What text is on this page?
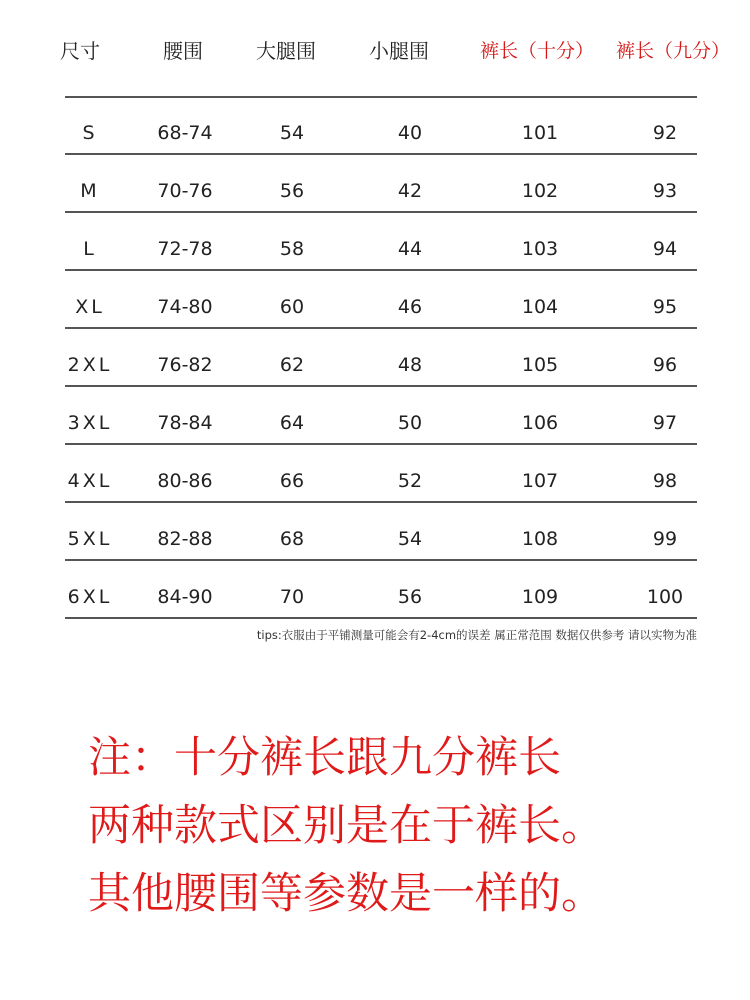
尺寸	腰围	大腿围	小腿围	裤长（十分） 裤长（九分）
S	68-74	54	40	101	92
M	70-76	56	42	102	93
L	72-78	58	44	103	94
XL	74-80	60	46	104	95
2XL	76-82	62	48	105	96
3XL	78-84	64	50	106	97
4XL	80-86	66	52	107	98
5XL	82-88	68	54	108	99
6XL	84-90	70	56	109	100
tips:衣服由于平铺测量可能会有2-4cm的误差 属正常范围 数据仅供参考 请以实物为准
注：十分裤长跟九分裤长
两种款式区别是在于裤长。
其他腰围等参数是一样的。
